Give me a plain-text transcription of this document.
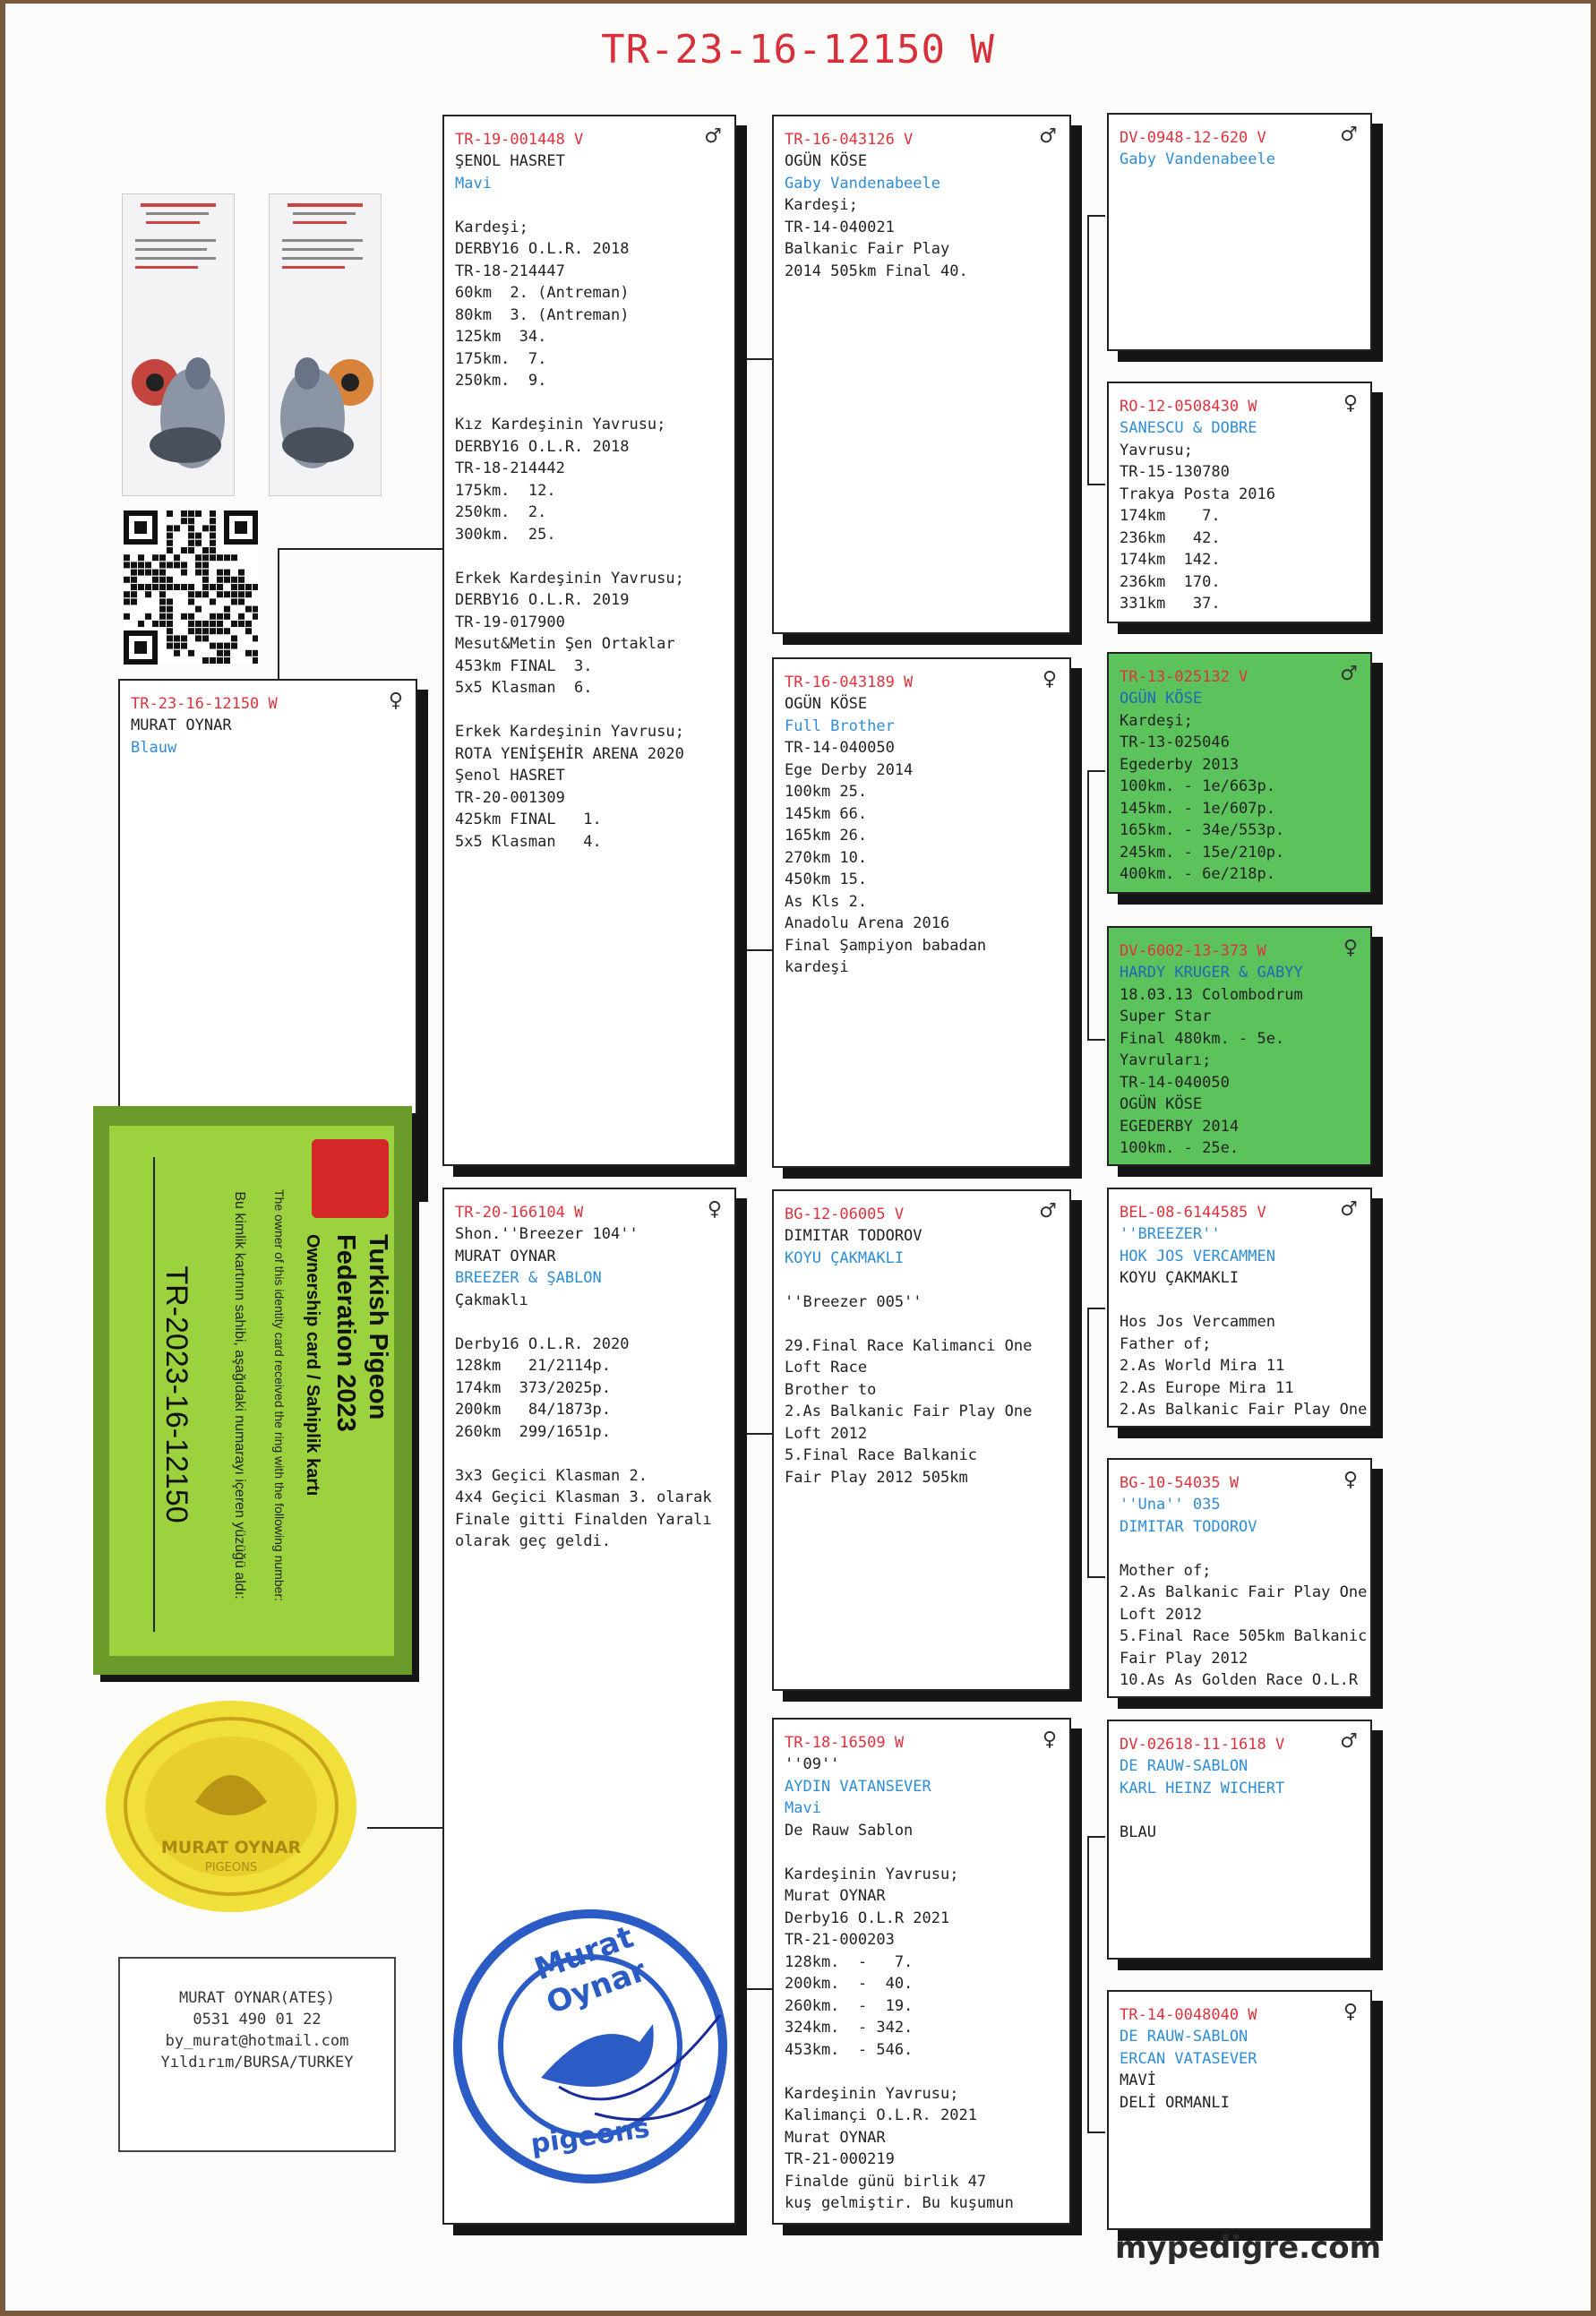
TR-23-16-12150 W
TR-23-16-12150 W	♀
MURAT OYNAR
Blauw
TR-19-001448 V	♂
ŞENOL HASRET
Mavi

Kardeşi;
DERBY16 O.L.R. 2018
TR-18-214447
60km  2. (Antreman)
80km  3. (Antreman)
125km  34.
175km.  7.
250km.  9.

Kız Kardeşinin Yavrusu;
DERBY16 O.L.R. 2018
TR-18-214442
175km.  12.
250km.  2.
300km.  25.

Erkek Kardeşinin Yavrusu;
DERBY16 O.L.R. 2019
TR-19-017900
Mesut&Metin Şen Ortaklar
453km FINAL  3.
5x5 Klasman  6.

Erkek Kardeşinin Yavrusu;
ROTA YENİŞEHİR ARENA 2020
Şenol HASRET
TR-20-001309
425km FINAL   1.
5x5 Klasman   4.
TR-20-166104 W	♀
Shon.''Breezer 104''
MURAT OYNAR
BREEZER & ŞABLON
Çakmaklı

Derby16 O.L.R. 2020
128km   21/2114p.
174km  373/2025p.
200km   84/1873p.
260km  299/1651p.

3x3 Geçici Klasman 2.
4x4 Geçici Klasman 3. olarak
Finale gitti Finalden Yaralı
olarak geç geldi.
TR-16-043126 V	♂
OGÜN KÖSE
Gaby Vandenabeele
Kardeşi;
TR-14-040021
Balkanic Fair Play
2014 505km Final 40.
TR-16-043189 W	♀
OGÜN KÖSE
Full Brother
TR-14-040050
Ege Derby 2014
100km 25.
145km 66.
165km 26.
270km 10.
450km 15.
As Kls 2.
Anadolu Arena 2016
Final Şampiyon babadan
kardeşi
BG-12-06005 V	♂
DIMITAR TODOROV
KOYU ÇAKMAKLI

''Breezer 005''

29.Final Race Kalimanci One
Loft Race
Brother to
2.As Balkanic Fair Play One
Loft 2012
5.Final Race Balkanic
Fair Play 2012 505km
TR-18-16509 W	♀
''09''
AYDIN VATANSEVER
Mavi
De Rauw Sablon

Kardeşinin Yavrusu;
Murat OYNAR
Derby16 O.L.R 2021
TR-21-000203
128km.  -   7.
200km.  -  40.
260km.  -  19.
324km.  - 342.
453km.  - 546.

Kardeşinin Yavrusu;
Kalimançi O.L.R. 2021
Murat OYNAR
TR-21-000219
Finalde günü birlik 47
kuş gelmiştir. Bu kuşumun
DV-0948-12-620 V	♂
Gaby Vandenabeele
RO-12-0508430 W	♀
SANESCU & DOBRE
Yavrusu;
TR-15-130780
Trakya Posta 2016
174km    7.
236km   42.
174km  142.
236km  170.
331km   37.
TR-13-025132 V	♂
OGÜN KÖSE
Kardeşi;
TR-13-025046
Egederby 2013
100km. - 1e/663p.
145km. - 1e/607p.
165km. - 34e/553p.
245km. - 15e/210p.
400km. - 6e/218p.
DV-6002-13-373 W	♀
HARDY KRUGER & GABYY
18.03.13 Colombodrum
Super Star
Final 480km. - 5e.
Yavruları;
TR-14-040050
OGÜN KÖSE
EGEDERBY 2014
100km. - 25e.
BEL-08-6144585 V	♂
''BREEZER''
HOK JOS VERCAMMEN
KOYU ÇAKMAKLI

Hos Jos Vercammen
Father of;
2.As World Mira 11
2.As Europe Mira 11
2.As Balkanic Fair Play One
BG-10-54035 W	♀
''Una'' 035
DIMITAR TODOROV

Mother of;
2.As Balkanic Fair Play One
Loft 2012
5.Final Race 505km Balkanic
Fair Play 2012
10.As As Golden Race O.L.R
DV-02618-11-1618 V	♂
DE RAUW-SABLON
KARL HEINZ WICHERT

BLAU
TR-14-0048040 W	♀
DE RAUW-SABLON
ERCAN VATASEVER
MAVİ
DELİ ORMANLI
Turkish Pigeon
Federation 2023
Ownership card / Sahiplik kartı
The owner of this identity card received the ring with the following number:
Bu kimlik kartının sahibi, aşağıdaki numarayı içeren yüzüğü aldı:
TR-2023-16-12150
MURAT OYNAR
PIGEONS
MURAT OYNAR(ATEŞ)
0531 490 01 22
by_murat@hotmail.com
Yıldırım/BURSA/TURKEY
Murat Oynar
pigeons
mypedigre.com
